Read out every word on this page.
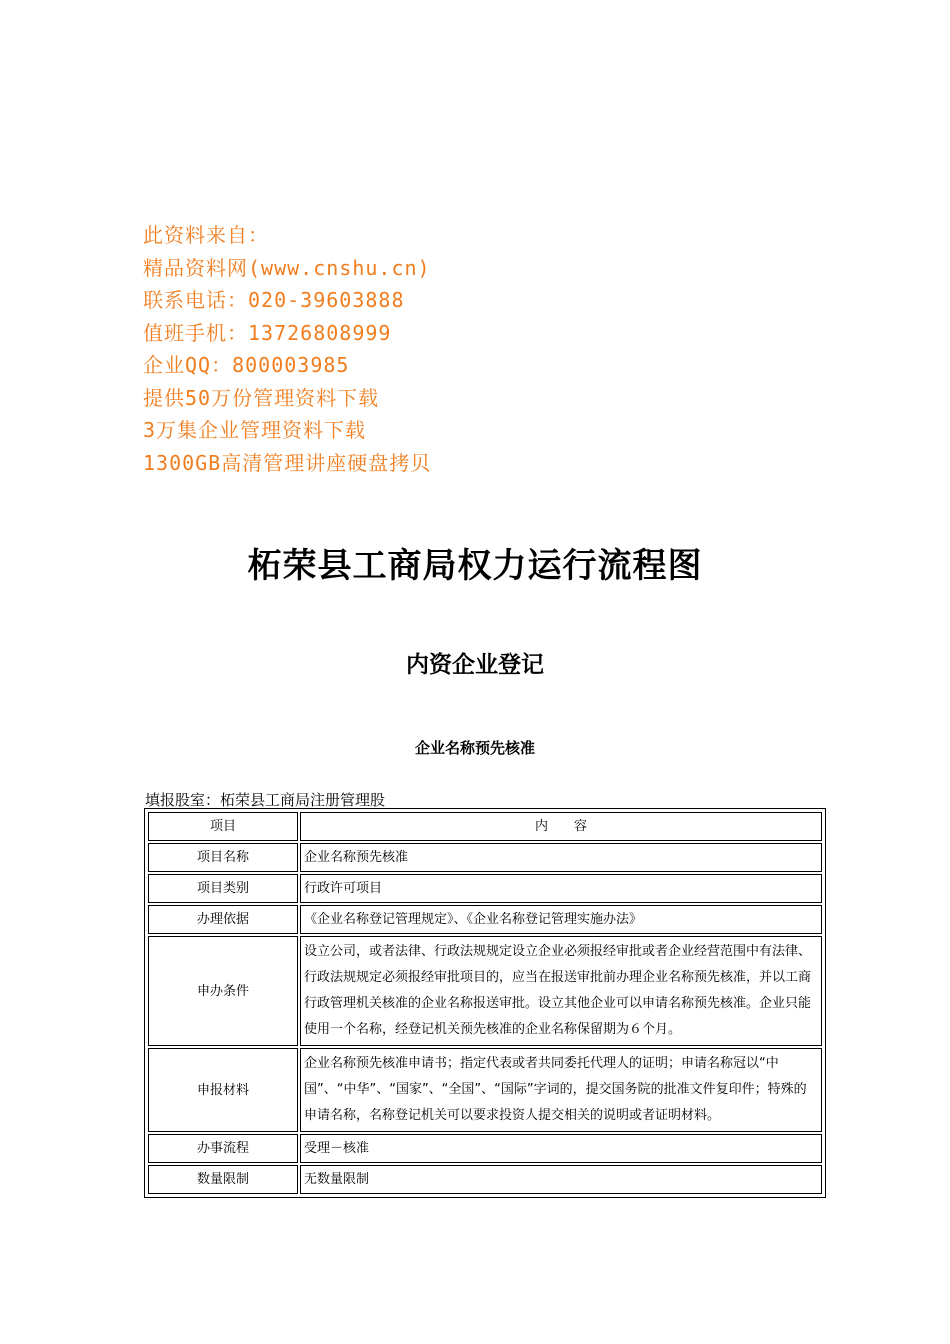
此资料来自：
精品资料网(www.cnshu.cn)
联系电话：020-39603888
值班手机：13726808999
企业QQ：800003985
提供50万份管理资料下载
3万集企业管理资料下载
1300GB高清管理讲座硬盘拷贝
柘荣县工商局权力运行流程图
内资企业登记
企业名称预先核准
填报股室：柘荣县工商局注册管理股
项目	内　　容
项目名称	企业名称预先核准
项目类别	行政许可项目
办理依据	《企业名称登记管理规定》、《企业名称登记管理实施办法》
申办条件	设立公司，或者法律、行政法规规定设立企业必须报经审批或者企业经营范围中有法律、行政法规规定必须报经审批项目的，应当在报送审批前办理企业名称预先核准，并以工商行政管理机关核准的企业名称报送审批。设立其他企业可以申请名称预先核准。企业只能使用一个名称，经登记机关预先核准的企业名称保留期为６个月。
申报材料	企业名称预先核准申请书；指定代表或者共同委托代理人的证明；申请名称冠以“中国”、“中华”、“国家”、“全国”、“国际”字词的，提交国务院的批准文件复印件；特殊的申请名称，名称登记机关可以要求投资人提交相关的说明或者证明材料。
办事流程	受理－核准
数量限制	无数量限制
